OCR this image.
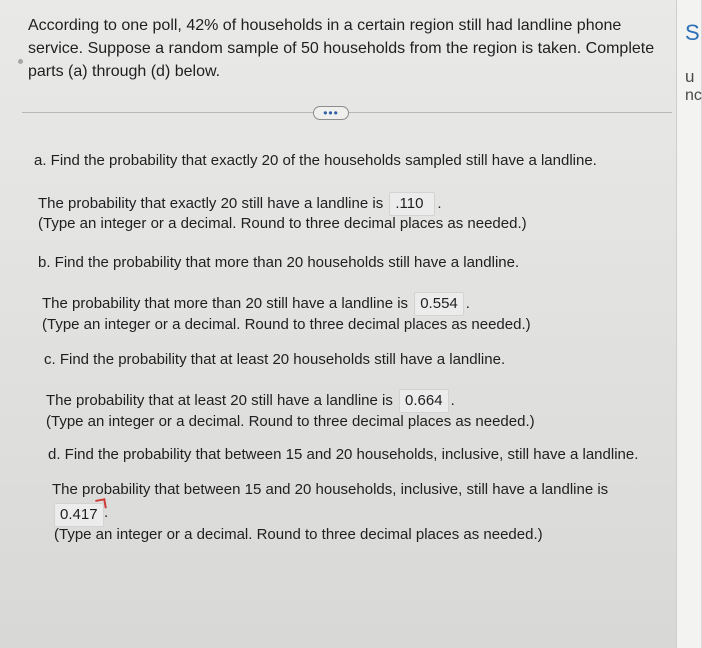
According to one poll, 42% of households in a certain region still had landline phone
service. Suppose a random sample of 50 households from the region is taken. Complete
parts (a) through (d) below.
•••
a. Find the probability that exactly 20 of the households sampled still have a landline.
The probability that exactly 20 still have a landline is .110 .
(Type an integer or a decimal. Round to three decimal places as needed.)
b. Find the probability that more than 20 households still have a landline.
The probability that more than 20 still have a landline is 0.554 .
(Type an integer or a decimal. Round to three decimal places as needed.)
c. Find the probability that at least 20 households still have a landline.
The probability that at least 20 still have a landline is 0.664 .
(Type an integer or a decimal. Round to three decimal places as needed.)
d. Find the probability that between 15 and 20 households, inclusive, still have a landline.
The probability that between 15 and 20 households, inclusive, still have a landline is
0.417 .
(Type an integer or a decimal. Round to three decimal places as needed.)
S
u
nc
